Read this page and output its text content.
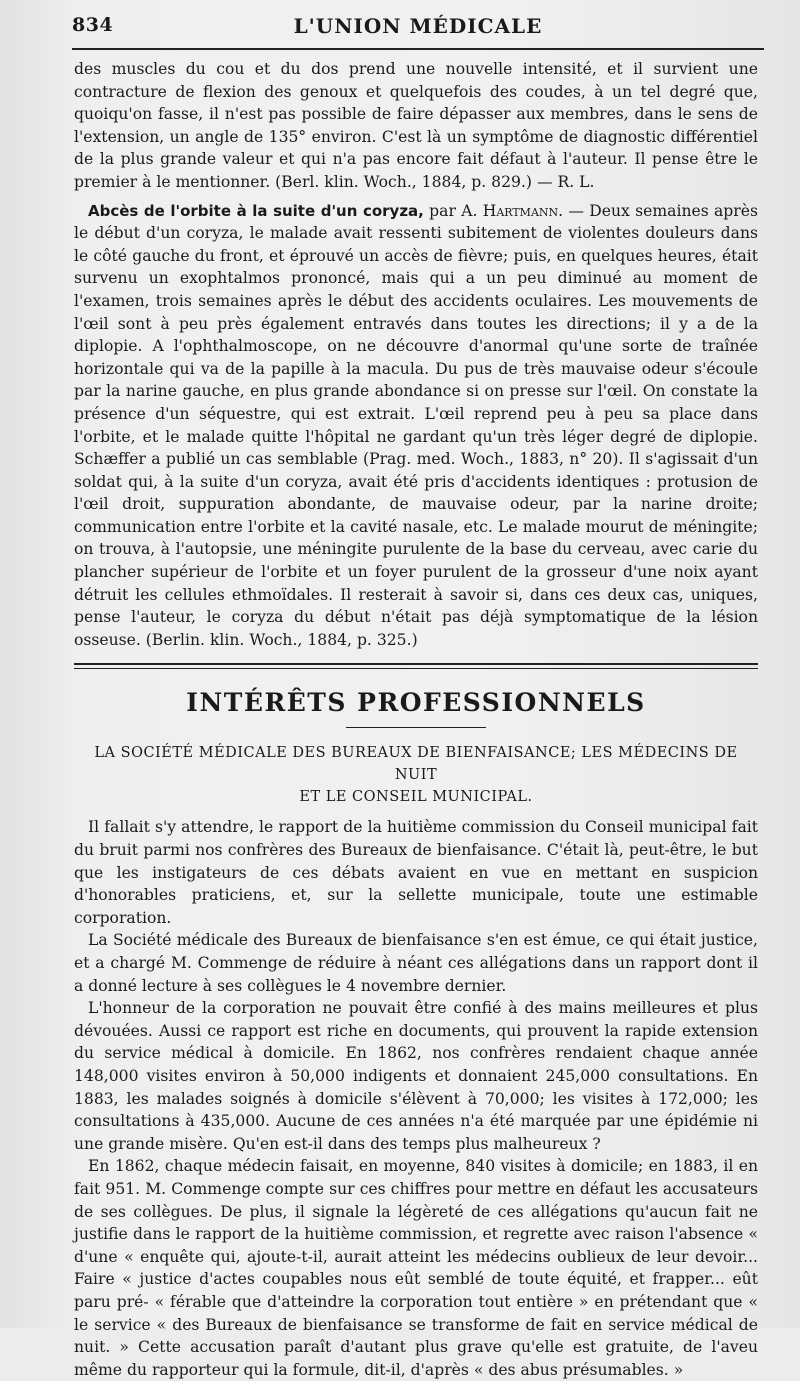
834	L'UNION MÉDICALE

des muscles du cou et du dos prend une nouvelle intensité, et il survient une contracture de flexion des genoux et quelquefois des coudes, à un tel degré que, quoiqu'on fasse, il n'est pas possible de faire dépasser aux membres, dans le sens de l'extension, un angle de 135° environ. C'est là un symptôme de diagnostic différentiel de la plus grande valeur et qui n'a pas encore fait défaut à l'auteur. Il pense être le premier à le mentionner. (Berl. klin. Woch., 1884, p. 829.) — R. L.

Abcès de l'orbite à la suite d'un coryza, par A. Hartmann. — Deux semaines après le début d'un coryza, le malade avait ressenti subitement de violentes douleurs dans le côté gauche du front, et éprouvé un accès de fièvre; puis, en quelques heures, était survenu un exophtalmos prononcé, mais qui a un peu diminué au moment de l'examen, trois semaines après le début des accidents oculaires. Les mouvements de l'œil sont à peu près également entravés dans toutes les directions; il y a de la diplopie. A l'ophthalmoscope, on ne découvre d'anormal qu'une sorte de traînée horizontale qui va de la papille à la macula. Du pus de très mauvaise odeur s'écoule par la narine gauche, en plus grande abondance si on presse sur l'œil. On constate la présence d'un séquestre, qui est extrait. L'œil reprend peu à peu sa place dans l'orbite, et le malade quitte l'hôpital ne gardant qu'un très léger degré de diplopie. Schæffer a publié un cas semblable (Prag. med. Woch., 1883, n° 20). Il s'agissait d'un soldat qui, à la suite d'un coryza, avait été pris d'accidents identiques : protusion de l'œil droit, suppuration abondante, de mauvaise odeur, par la narine droite; communication entre l'orbite et la cavité nasale, etc. Le malade mourut de méningite; on trouva, à l'autopsie, une méningite purulente de la base du cerveau, avec carie du plancher supérieur de l'orbite et un foyer purulent de la grosseur d'une noix ayant détruit les cellules ethmoïdales. Il resterait à savoir si, dans ces deux cas, uniques, pense l'auteur, le coryza du début n'était pas déjà symptomatique de la lésion osseuse. (Berlin. klin. Woch., 1884, p. 325.)

INTÉRÊTS PROFESSIONNELS
LA SOCIÉTÉ MÉDICALE DES BUREAUX DE BIENFAISANCE; LES MÉDECINS DE NUIT
ET LE CONSEIL MUNICIPAL.

Il fallait s'y attendre, le rapport de la huitième commission du Conseil municipal fait du bruit parmi nos confrères des Bureaux de bienfaisance. C'était là, peut-être, le but que les instigateurs de ces débats avaient en vue en mettant en suspicion d'honorables praticiens, et, sur la sellette municipale, toute une estimable corporation.

La Société médicale des Bureaux de bienfaisance s'en est émue, ce qui était justice, et a chargé M. Commenge de réduire à néant ces allégations dans un rapport dont il a donné lecture à ses collègues le 4 novembre dernier.

L'honneur de la corporation ne pouvait être confié à des mains meilleures et plus dévouées. Aussi ce rapport est riche en documents, qui prouvent la rapide extension du service médical à domicile. En 1862, nos confrères rendaient chaque année 148,000 visites environ à 50,000 indigents et donnaient 245,000 consultations. En 1883, les malades soignés à domicile s'élèvent à 70,000; les visites à 172,000; les consultations à 435,000. Aucune de ces années n'a été marquée par une épidémie ni une grande misère. Qu'en est-il dans des temps plus malheureux ?

En 1862, chaque médecin faisait, en moyenne, 840 visites à domicile; en 1883, il en fait 951. M. Commenge compte sur ces chiffres pour mettre en défaut les accusateurs de ses collègues. De plus, il signale la légèreté de ces allégations qu'aucun fait ne justifie dans le rapport de la huitième commission, et regrette avec raison l'absence « d'une « enquête qui, ajoute-t-il, aurait atteint les médecins oublieux de leur devoir... Faire « justice d'actes coupables nous eût semblé de toute équité, et frapper... eût paru pré- « férable que d'atteindre la corporation tout entière » en prétendant que « le service « des Bureaux de bienfaisance se transforme de fait en service médical de nuit. » Cette accusation paraît d'autant plus grave qu'elle est gratuite, de l'aveu même du rapporteur qui la formule, dit-il, d'après « des abus présumables. »
